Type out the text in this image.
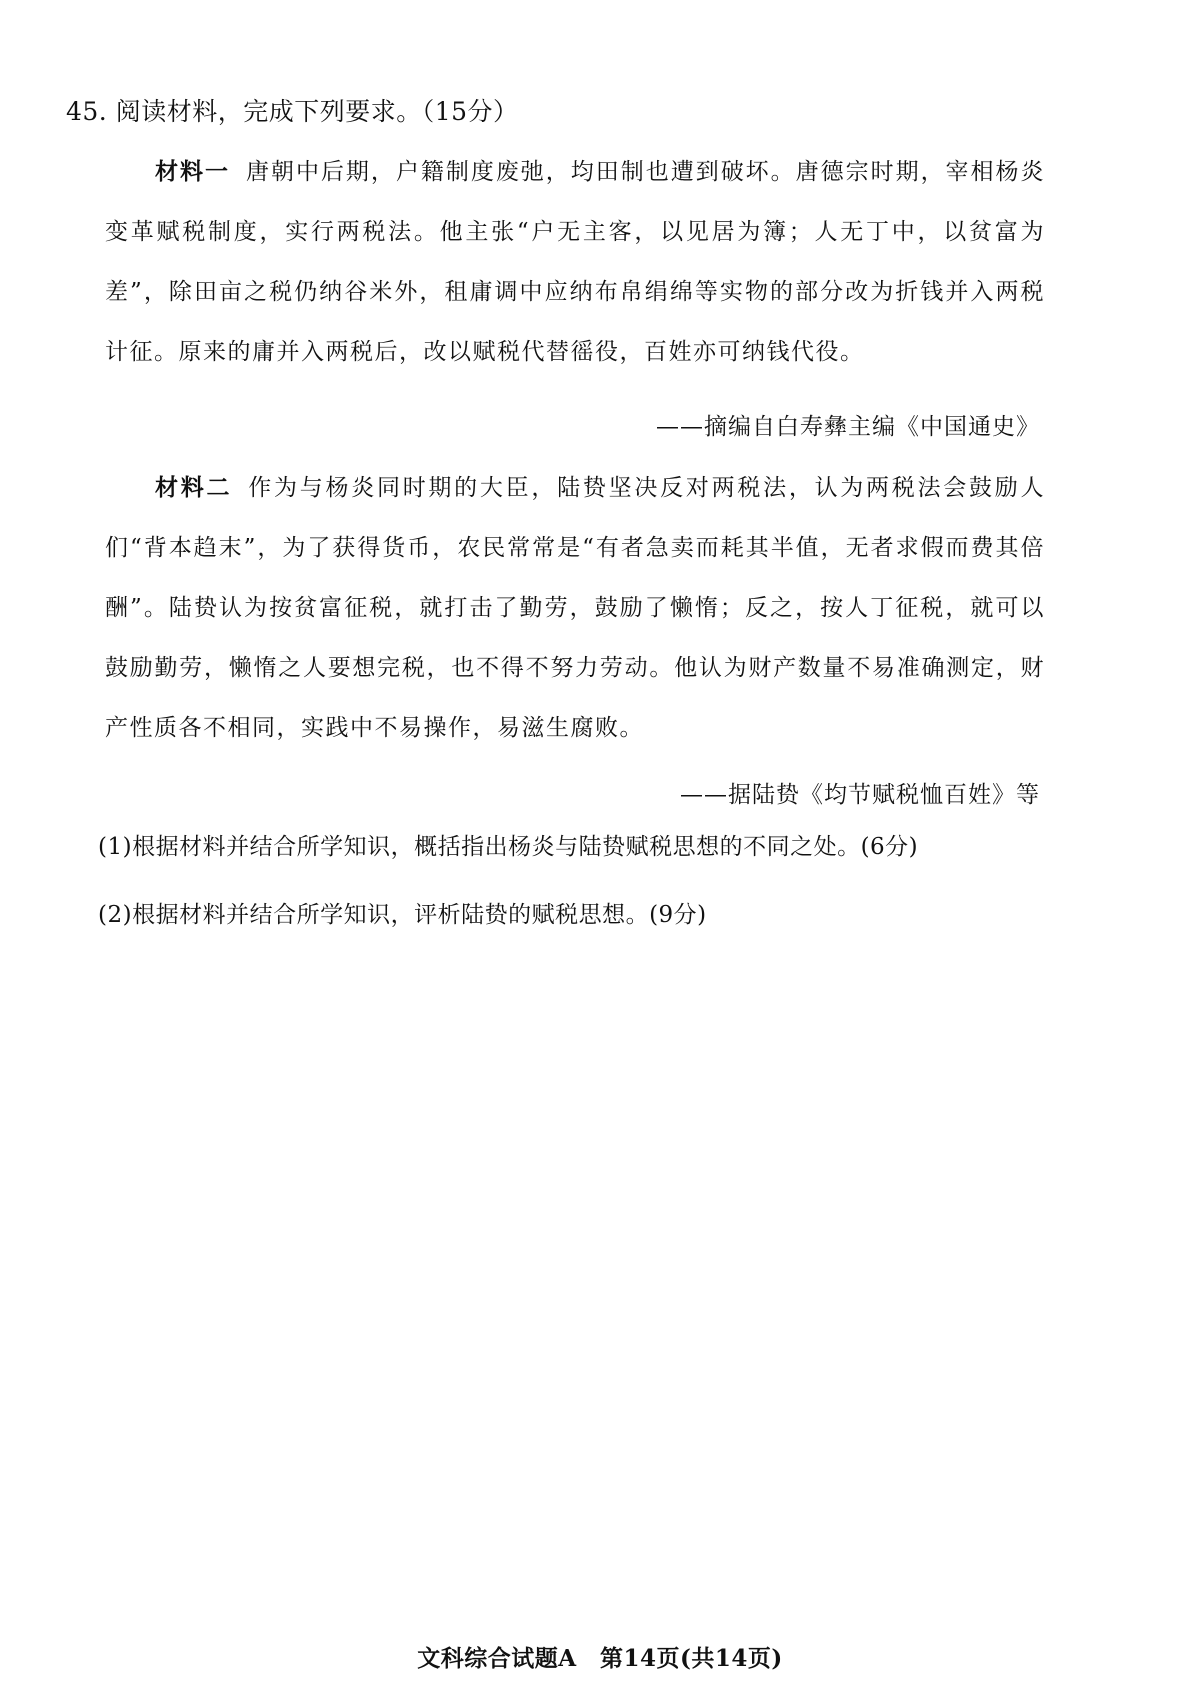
45. 阅读材料，完成下列要求。（15分）
材料一 唐朝中后期，户籍制度废弛，均田制也遭到破坏。唐德宗时期，宰相杨炎变革赋税制度，实行两税法。他主张“户无主客，以见居为簿；人无丁中，以贫富为差”，除田亩之税仍纳谷米外，租庸调中应纳布帛绢绵等实物的部分改为折钱并入两税计征。原来的庸并入两税后，改以赋税代替徭役，百姓亦可纳钱代役。
——摘编自白寿彝主编《中国通史》
材料二 作为与杨炎同时期的大臣，陆贽坚决反对两税法，认为两税法会鼓励人们“背本趋末”，为了获得货币，农民常常是“有者急卖而耗其半值，无者求假而费其倍酬”。陆贽认为按贫富征税，就打击了勤劳，鼓励了懒惰；反之，按人丁征税，就可以鼓励勤劳，懒惰之人要想完税，也不得不努力劳动。他认为财产数量不易准确测定，财产性质各不相同，实践中不易操作，易滋生腐败。
——据陆贽《均节赋税恤百姓》等
(1)根据材料并结合所学知识，概括指出杨炎与陆贽赋税思想的不同之处。(6分)
(2)根据材料并结合所学知识，评析陆贽的赋税思想。(9分)
文科综合试题A　第14页(共14页)
